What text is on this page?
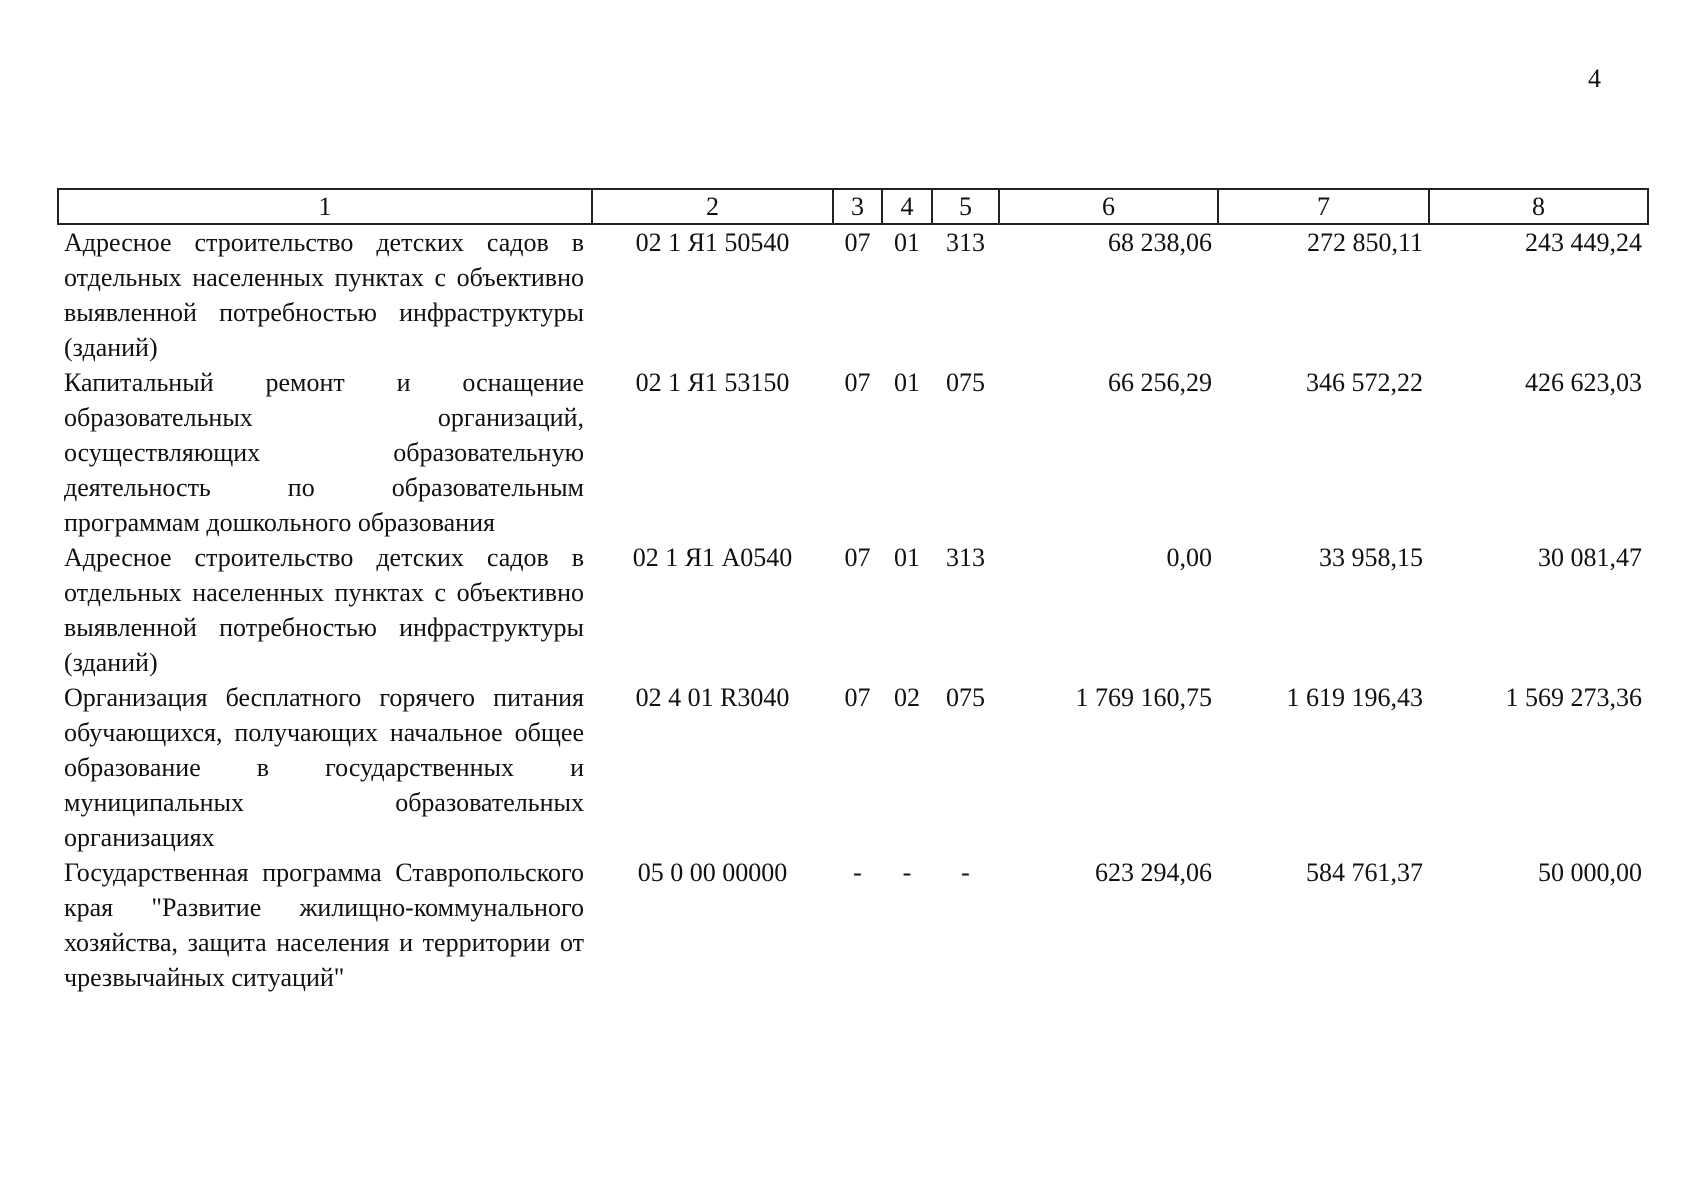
4
1	2	3	4	5	6	7	8
Адресное строительство детских садов в отдельных населенных пунктах с объективно выявленной потребностью инфраструктуры (зданий)	02 1 Я1 50540	07	01	313	68 238,06	272 850,11	243 449,24
Капитальный ремонт и оснащение образовательных организаций, осуществляющих образовательную деятельность по образовательным программам дошкольного образования	02 1 Я1 53150	07	01	075	66 256,29	346 572,22	426 623,03
Адресное строительство детских садов в отдельных населенных пунктах с объективно выявленной потребностью инфраструктуры (зданий)	02 1 Я1 А0540	07	01	313	0,00	33 958,15	30 081,47
Организация бесплатного горячего питания обучающихся, получающих начальное общее образование в государственных и муниципальных образовательных организациях	02 4 01 R3040	07	02	075	1 769 160,75	1 619 196,43	1 569 273,36
Государственная программа Ставропольского края "Развитие жилищно-коммунального хозяйства, защита населения и территории от чрезвычайных ситуаций"	05 0 00 00000	-	-	-	623 294,06	584 761,37	50 000,00
